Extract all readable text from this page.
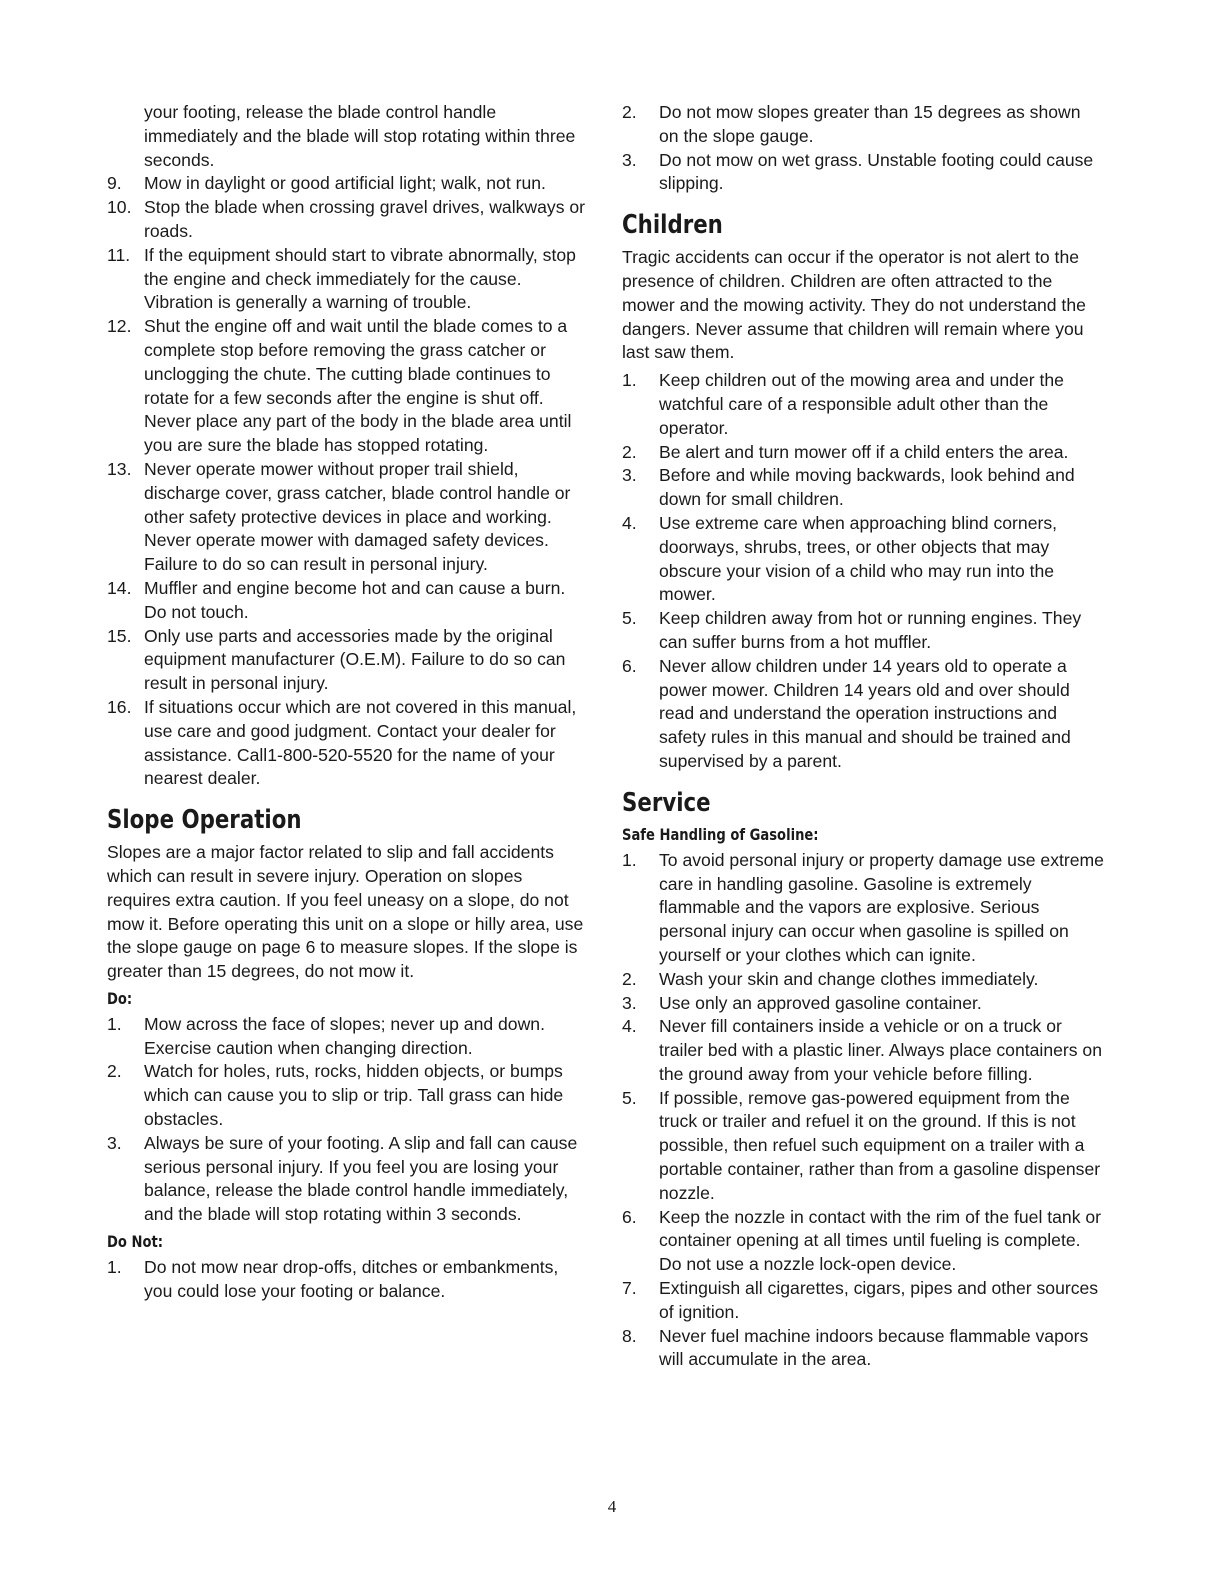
your footing, release the blade control handle immediately and the blade will stop rotating within three seconds.
9.	Mow in daylight or good artificial light; walk, not run.
10. Stop the blade when crossing gravel drives, walkways or roads.
11. If the equipment should start to vibrate abnormally, stop the engine and check immediately for the cause. Vibration is generally a warning of trouble.
12. Shut the engine off and wait until the blade comes to a complete stop before removing the grass catcher or unclogging the chute. The cutting blade continues to rotate for a few seconds after the engine is shut off. Never place any part of the body in the blade area until you are sure the blade has stopped rotating.
13. Never operate mower without proper trail shield, discharge cover, grass catcher, blade control handle or other safety protective devices in place and working. Never operate mower with damaged safety devices. Failure to do so can result in personal injury.
14. Muffler and engine become hot and can cause a burn. Do not touch.
15. Only use parts and accessories made by the original equipment manufacturer (O.E.M). Failure to do so can result in personal injury.
16. If situations occur which are not covered in this manual, use care and good judgment. Contact your dealer for assistance. Call1-800-520-5520 for the name of your nearest dealer.
Slope Operation
Slopes are a major factor related to slip and fall accidents which can result in severe injury. Operation on slopes requires extra caution. If you feel uneasy on a slope, do not mow it. Before operating this unit on a slope or hilly area, use the slope gauge on page 6 to measure slopes. If the slope is greater than 15 degrees, do not mow it.
Do:
1.	Mow across the face of slopes; never up and down. Exercise caution when changing direction.
2.	Watch for holes, ruts, rocks, hidden objects, or bumps which can cause you to slip or trip. Tall grass can hide obstacles.
3.	Always be sure of your footing. A slip and fall can cause serious personal injury. If you feel you are losing your balance, release the blade control handle immediately, and the blade will stop rotating within 3 seconds.
Do Not:
1.	Do not mow near drop-offs, ditches or embankments, you could lose your footing or balance.
2.	Do not mow slopes greater than 15 degrees as shown on the slope gauge.
3.	Do not mow on wet grass. Unstable footing could cause slipping.
Children
Tragic accidents can occur if the operator is not alert to the presence of children. Children are often attracted to the mower and the mowing activity. They do not understand the dangers. Never assume that children will remain where you last saw them.
1.	Keep children out of the mowing area and under the watchful care of a responsible adult other than the operator.
2.	Be alert and turn mower off if a child enters the area.
3.	Before and while moving backwards, look behind and down for small children.
4.	Use extreme care when approaching blind corners, doorways, shrubs, trees, or other objects that may obscure your vision of a child who may run into the mower.
5.	Keep children away from hot or running engines. They can suffer burns from a hot muffler.
6.	Never allow children under 14 years old to operate a power mower. Children 14 years old and over should read and understand the operation instructions and safety rules in this manual and should be trained and supervised by a parent.
Service
Safe Handling of Gasoline:
1.	To avoid personal injury or property damage use extreme care in handling gasoline. Gasoline is extremely flammable and the vapors are explosive. Serious personal injury can occur when gasoline is spilled on yourself or your clothes which can ignite.
2.	Wash your skin and change clothes immediately.
3.	Use only an approved gasoline container.
4.	Never fill containers inside a vehicle or on a truck or trailer bed with a plastic liner. Always place containers on the ground away from your vehicle before filling.
5.	If possible, remove gas-powered equipment from the truck or trailer and refuel it on the ground. If this is not possible, then refuel such equipment on a trailer with a portable container, rather than from a gasoline dispenser nozzle.
6.	Keep the nozzle in contact with the rim of the fuel tank or container opening at all times until fueling is complete. Do not use a nozzle lock-open device.
7.	Extinguish all cigarettes, cigars, pipes and other sources of ignition.
8.	Never fuel machine indoors because flammable vapors will accumulate in the area.
4
